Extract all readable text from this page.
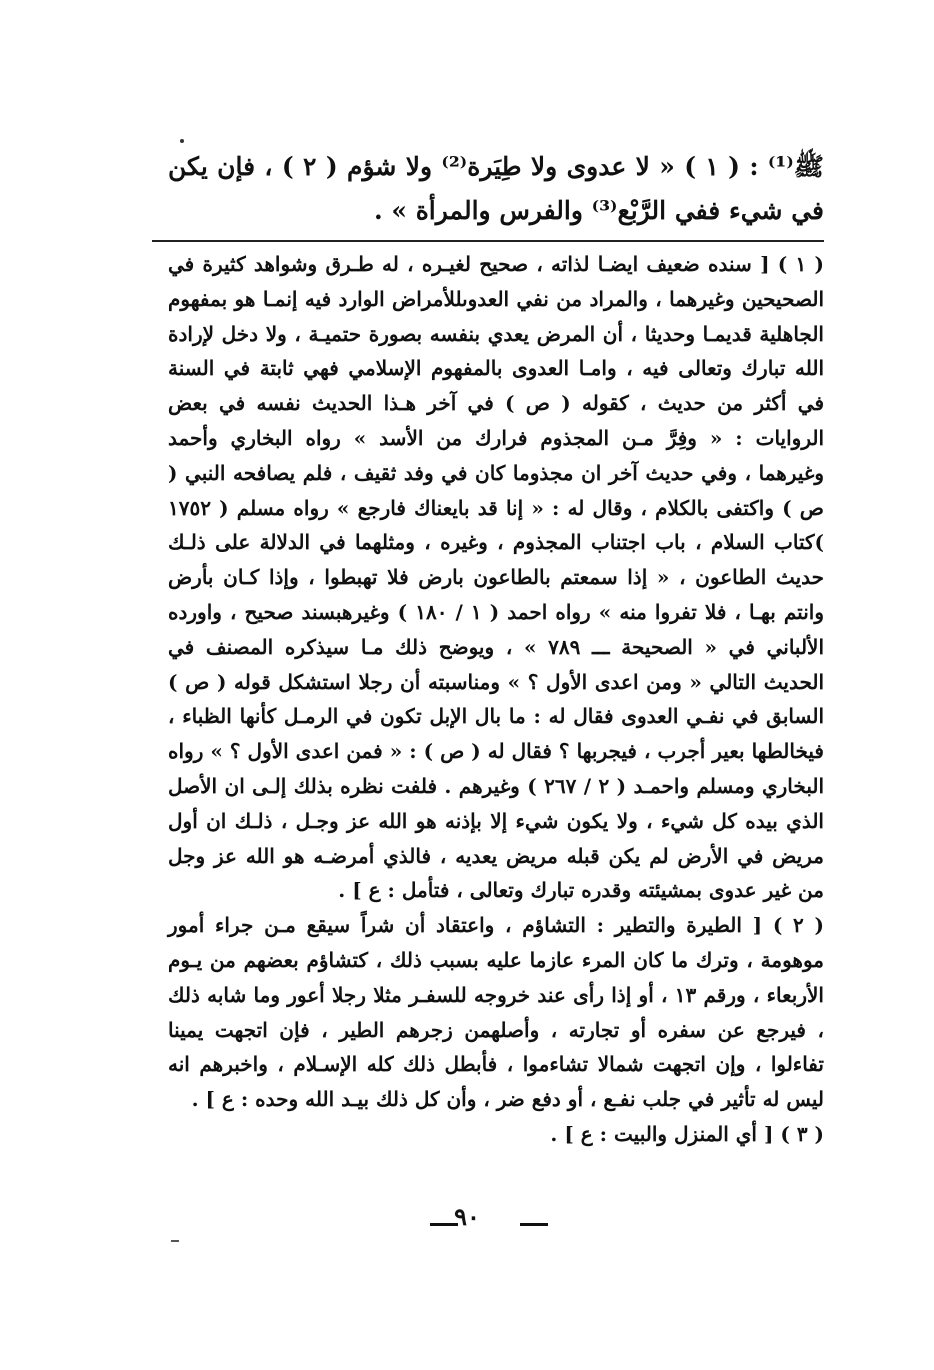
ﷺ⁽¹⁾ : ( ١ ) « لا عدوى ولا طِيَرة⁽²⁾ ولا شؤم ( ٢ ) ، فإن يكن في شيء ففي الرَّبْع⁽³⁾ والفرس والمرأة » .

( ١ ) [ سنده ضعيف ايضـا لذاته ، صحيح لغيـره ، له طـرق وشواهد كثيرة في الصحيحين وغيرهما ، والمراد من نفي العدوىللأمراض الوارد فيه إنمـا هو بمفهوم الجاهلية قديمـا وحديثا ، أن المرض يعدي بنفسه بصورة حتميـة ، ولا دخل لإرادة الله تبارك وتعالى فيه ، وامـا العدوى بالمفهوم الإسلامي فهي ثابتة في السنة في أكثر من حديث ، كقوله ( ص ) في آخر هـذا الحديث نفسه في بعض الروايات : « وفِرَّ مـن المجذوم فرارك من الأسد » رواه البخاري وأحمد وغيرهما ، وفي حديث آخر ان مجذوما كان في وفد ثقيف ، فلم يصافحه النبي ( ص ) واكتفى بالكلام ، وقال له : « إنا قد بايعناك فارجع » رواه مسلم ( ١٧٥٢ )كتاب السلام ، باب اجتناب المجذوم ، وغيره ، ومثلهما في الدلالة على ذلـك حديث الطاعون ، « إذا سمعتم بالطاعون بارض فلا تهبطوا ، وإذا كـان بأرض وانتم بهـا ، فلا تفروا منه » رواه احمد ( ١ / ١٨٠ ) وغيرهبسند صحيح ، واورده الألباني في « الصحيحة ـــ ٧٨٩ » ، ويوضح ذلك مـا سيذكره المصنف في الحديث التالي « ومن اعدى الأول ؟ » ومناسبته أن رجلا استشكل قوله ( ص ) السابق في نفـي العدوى فقال له : ما بال الإبل تكون في الرمـل كأنها الظباء ، فيخالطها بعير أجرب ، فيجربها ؟ فقال له ( ص ) : « فمن اعدى الأول ؟ » رواه البخاري ومسلم واحمـد ( ٢ / ٢٦٧ ) وغيرهم . فلفت نظره بذلك إلـى ان الأصل الذي بيده كل شيء ، ولا يكون شيء إلا بإذنه هو الله عز وجـل ، ذلـك ان أول مريض في الأرض لم يكن قبله مريض يعديه ، فالذي أمرضـه هو الله عز وجل من غير عدوى بمشيئته وقدره تبارك وتعالى ، فتأمل : ع ] .

( ٢ ) [ الطيرة والتطير : التشاؤم ، واعتقاد أن شراً سيقع مـن جراء أمور موهومة ، وترك ما كان المرء عازما عليه بسبب ذلك ، كتشاؤم بعضهم من يـوم الأربعاء ، ورقم ١٣ ، أو إذا رأى عند خروجه للسفـر مثلا رجلا أعور وما شابه ذلك ، فيرجع عن سفره أو تجارته ، وأصلهمن زجرهم الطير ، فإن اتجهت يمينا تفاءلوا ، وإن اتجهت شمالا تشاءموا ، فأبطل ذلك كله الإسـلام ، واخبرهم انه ليس له تأثير في جلب نفـع ، أو دفع ضر ، وأن كل ذلك بيـد الله وحده : ع ] .

( ٣ ) [ أي المنزل والبيت : ع ] .

٩٠
